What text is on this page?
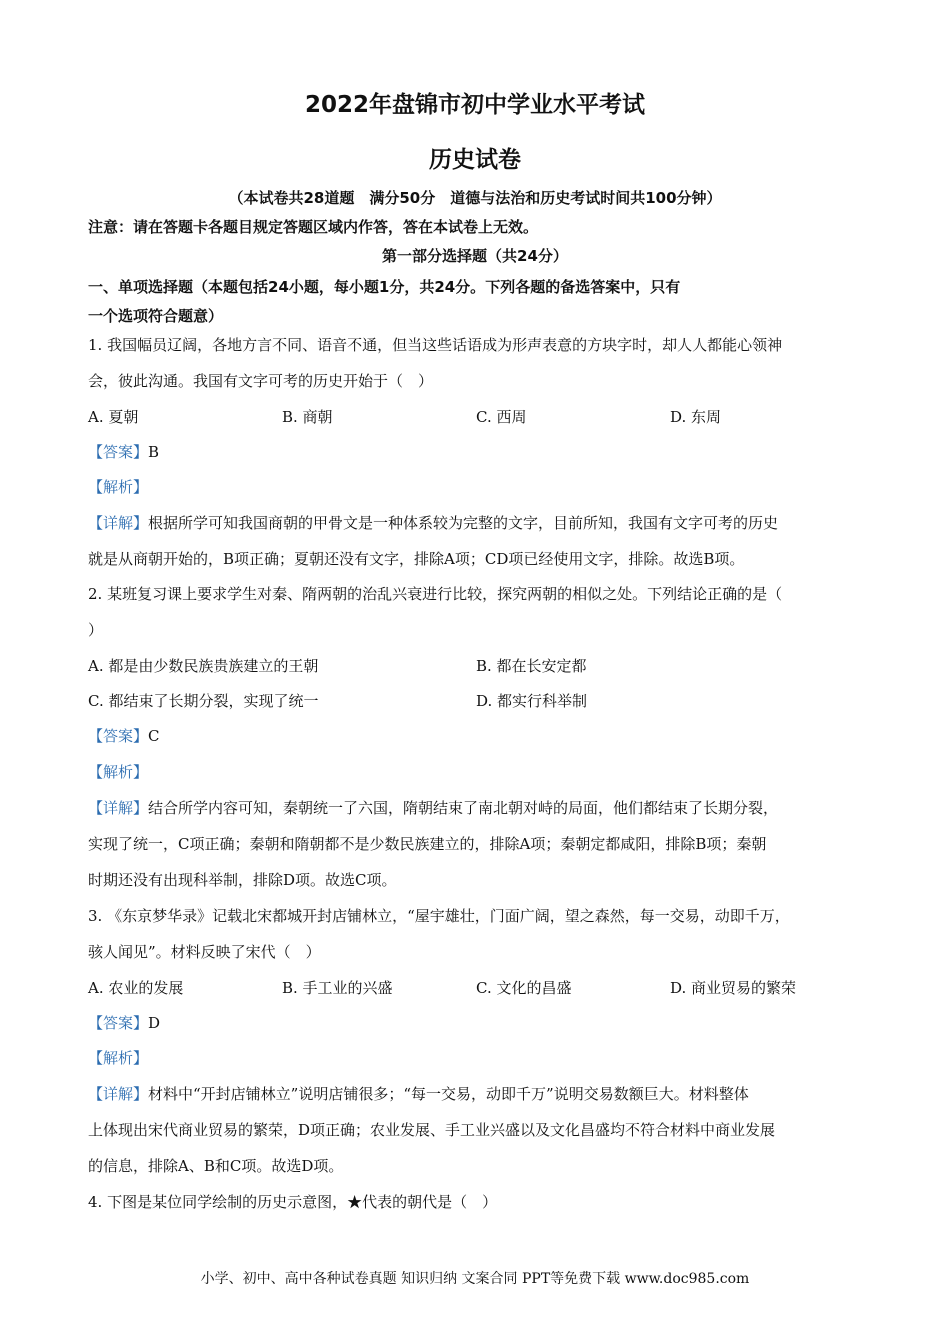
2022年盘锦市初中学业水平考试
历史试卷
（本试卷共28道题　满分50分　道德与法治和历史考试时间共100分钟）
注意：请在答题卡各题目规定答题区域内作答，答在本试卷上无效。
第一部分选择题（共24分）
一、单项选择题（本题包括24小题，每小题1分，共24分。下列各题的备选答案中，只有
一个选项符合题意）
1. 我国幅员辽阔，各地方言不同、语音不通，但当这些话语成为形声表意的方块字时，却人人都能心领神
会，彼此沟通。我国有文字可考的历史开始于（　）
A. 夏朝	B. 商朝	C. 西周	D. 东周
【答案】B
【解析】
【详解】根据所学可知我国商朝的甲骨文是一种体系较为完整的文字，目前所知，我国有文字可考的历史
就是从商朝开始的，B项正确；夏朝还没有文字，排除A项；CD项已经使用文字，排除。故选B项。
2. 某班复习课上要求学生对秦、隋两朝的治乱兴衰进行比较，探究两朝的相似之处。下列结论正确的是（
）
A. 都是由少数民族贵族建立的王朝	B. 都在长安定都
C. 都结束了长期分裂，实现了统一	D. 都实行科举制
【答案】C
【解析】
【详解】结合所学内容可知，秦朝统一了六国，隋朝结束了南北朝对峙的局面，他们都结束了长期分裂，
实现了统一，C项正确；秦朝和隋朝都不是少数民族建立的，排除A项；秦朝定都咸阳，排除B项；秦朝
时期还没有出现科举制，排除D项。故选C项。
3. 《东京梦华录》记载北宋都城开封店铺林立，“屋宇雄壮，门面广阔，望之森然，每一交易，动即千万，
骇人闻见”。材料反映了宋代（　）
A. 农业的发展	B. 手工业的兴盛	C. 文化的昌盛	D. 商业贸易的繁荣
【答案】D
【解析】
【详解】材料中“开封店铺林立”说明店铺很多；“每一交易，动即千万”说明交易数额巨大。材料整体
上体现出宋代商业贸易的繁荣，D项正确；农业发展、手工业兴盛以及文化昌盛均不符合材料中商业发展
的信息，排除A、B和C项。故选D项。
4. 下图是某位同学绘制的历史示意图，★代表的朝代是（　）
小学、初中、高中各种试卷真题 知识归纳 文案合同 PPT等免费下载 www.doc985.com
